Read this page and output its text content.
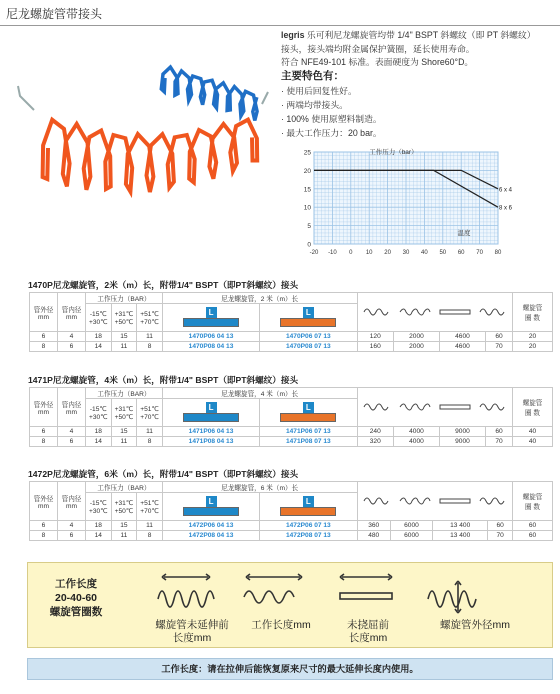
尼龙螺旋管带接头
legris 乐可利尼龙螺旋管均带 1/4" BSPT 斜螺纹（即 PT 斜螺纹）
接头，接头端均附金属保护簧圈，延长使用寿命。
符合 NFE49-101 标准。表面硬度为 Shore60°D。
主要特色有：
· 使用后回复性好。
· 两端均带接头。
· 100% 使用原塑料制造。
· 最大工作压力：20 bar。
0
5
10
15
20
25
-20 -10 0 10 20 30 40 50 60 70 80
工作压力（bar）
温度
6 x 4
8 x 6
1470P尼龙螺旋管，2米（m）长，附带1/4" BSPT（即PT斜螺纹）接头
管外径
mm	管内径
mm	工作压力（BAR）			尼龙螺旋管，2 米（m）长						螺旋管
圈 数
		-15℃
+30℃	+31℃
+50℃	+51℃
+70℃	L	L					

6	4	18	15	11	1470P06 04 13	1470P06 07 13	120	2000	4600	60	20
8	6	14	11	8	1470P08 04 13	1470P08 07 13	160	2000	4600	70	20
1471P尼龙螺旋管，4米（m）长，附带1/4" BSPT（即PT斜螺纹）接头
管外径
mm	管内径
mm	工作压力（BAR）			尼龙螺旋管，4 米（m）长						螺旋管
圈 数
		-15℃
+30℃	+31℃
+50℃	+51℃
+70℃	L	L					

6	4	18	15	11	1471P06 04 13	1471P06 07 13	240	4000	9000	60	40
8	6	14	11	8	1471P08 04 13	1471P08 07 13	320	4000	9000	70	40
1472P尼龙螺旋管，6米（m）长，附带1/4" BSPT（即PT斜螺纹）接头
管外径
mm	管内径
mm	工作压力（BAR）			尼龙螺旋管，6 米（m）长						螺旋管
圈 数
		-15℃
+30℃	+31℃
+50℃	+51℃
+70℃	L	L					

6	4	18	15	11	1472P06 04 13	1472P06 07 13	360	6000	13 400	60	60
8	6	14	11	8	1472P08 04 13	1472P08 07 13	480	6000	13 400	70	60
工作长度
20-40-60
螺旋管圈数
螺旋管未延伸前
长度mm
工作长度mm	未挠屈前
长度mm
螺旋管外径mm
工作长度：请在拉伸后能恢复原来尺寸的最大延伸长度内使用。
